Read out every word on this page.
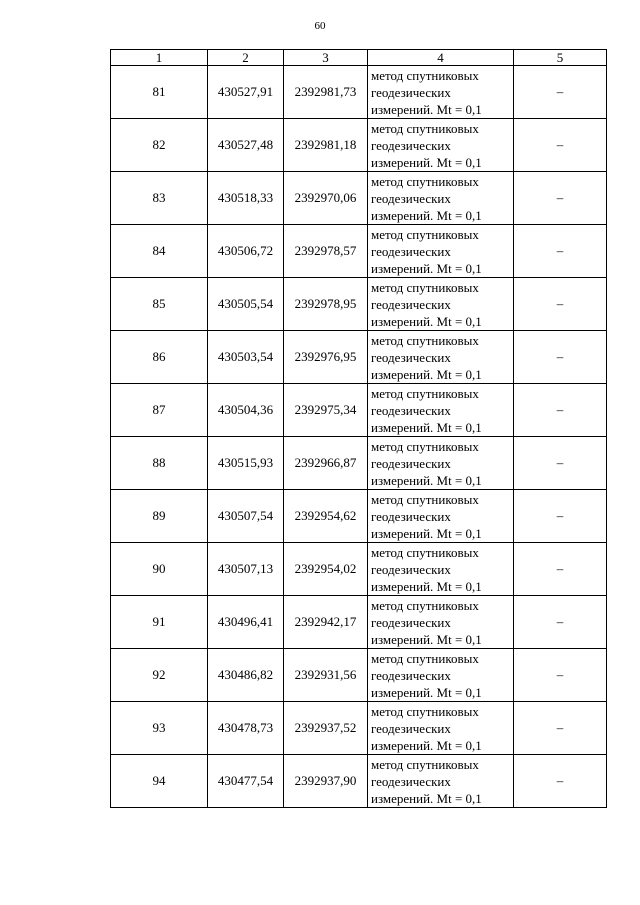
60
1	2	3	4	5
81	430527,91	2392981,73	метод спутниковых
геодезических
измерений. Mt = 0,1	–
82	430527,48	2392981,18	метод спутниковых
геодезических
измерений. Mt = 0,1	–
83	430518,33	2392970,06	метод спутниковых
геодезических
измерений. Mt = 0,1	–
84	430506,72	2392978,57	метод спутниковых
геодезических
измерений. Mt = 0,1	–
85	430505,54	2392978,95	метод спутниковых
геодезических
измерений. Mt = 0,1	–
86	430503,54	2392976,95	метод спутниковых
геодезических
измерений. Mt = 0,1	–
87	430504,36	2392975,34	метод спутниковых
геодезических
измерений. Mt = 0,1	–
88	430515,93	2392966,87	метод спутниковых
геодезических
измерений. Mt = 0,1	–
89	430507,54	2392954,62	метод спутниковых
геодезических
измерений. Mt = 0,1	–
90	430507,13	2392954,02	метод спутниковых
геодезических
измерений. Mt = 0,1	–
91	430496,41	2392942,17	метод спутниковых
геодезических
измерений. Mt = 0,1	–
92	430486,82	2392931,56	метод спутниковых
геодезических
измерений. Mt = 0,1	–
93	430478,73	2392937,52	метод спутниковых
геодезических
измерений. Mt = 0,1	–
94	430477,54	2392937,90	метод спутниковых
геодезических
измерений. Mt = 0,1	–
